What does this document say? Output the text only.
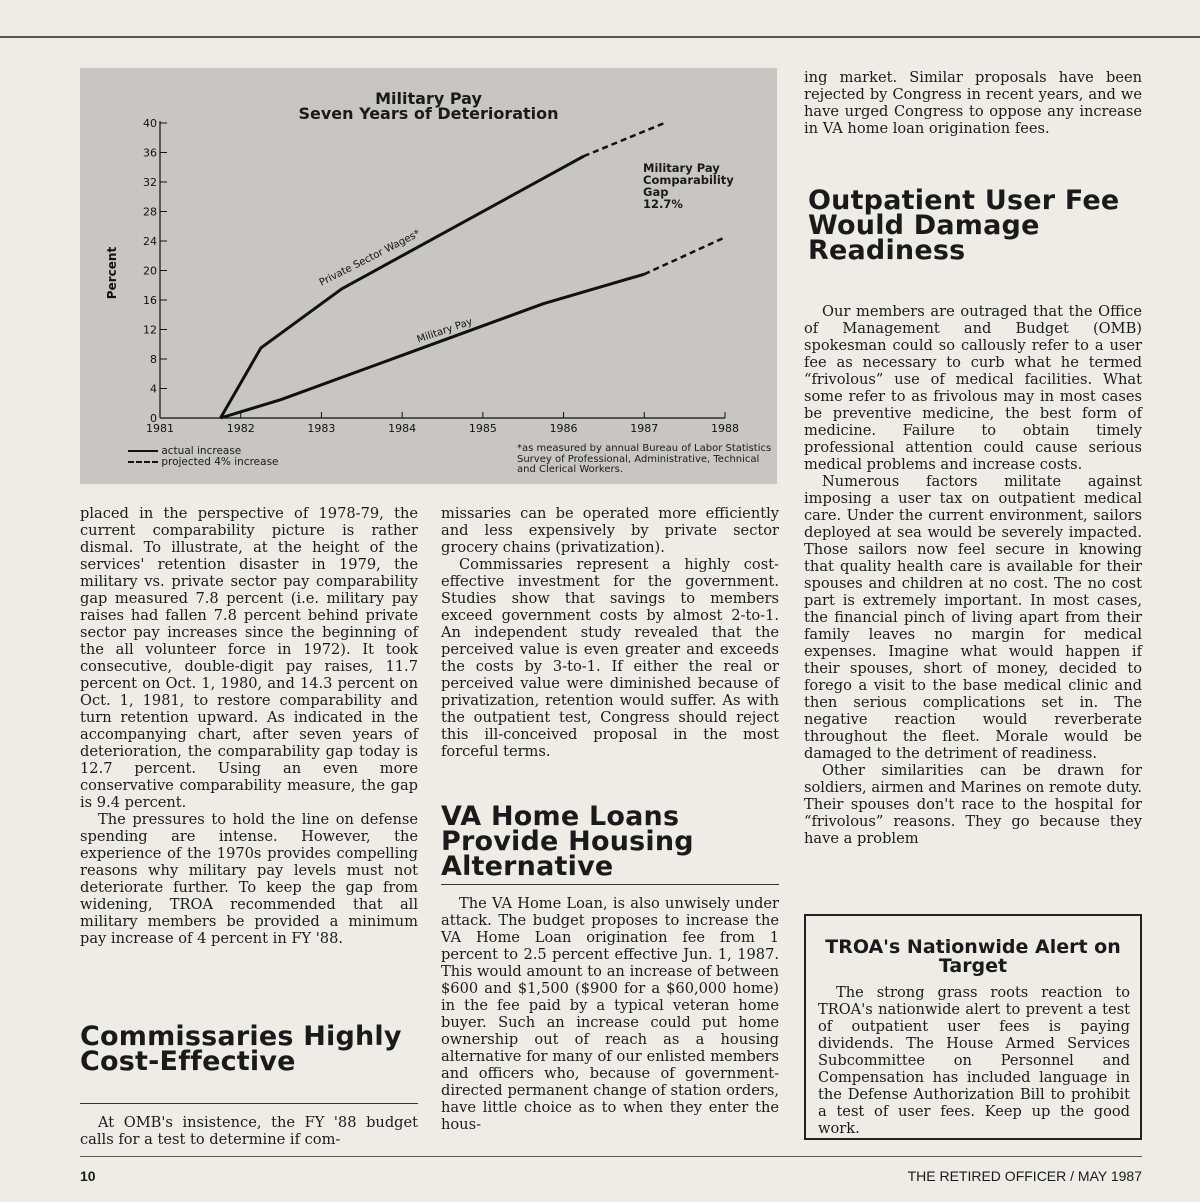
Military Pay
Seven Years of Deterioration
Percent
0
4
8
12
16
20
24
28
32
36
40
1981	1982	1983	1984	1985	1986	1987	1988
Private Sector Wages*
Military Pay
Military Pay
Comparability
Gap
12.7%
actual increase
projected 4% increase
*as measured by annual Bureau of Labor Statistics
Survey of Professional, Administrative, Technical
and Clerical Workers.

placed in the perspective of 1978-79, the current comparability picture is rather dismal. To illustrate, at the height of the services' retention disaster in 1979, the military vs. private sector pay comparability gap measured 7.8 percent (i.e. military pay raises had fallen 7.8 percent behind private sector pay increases since the beginning of the all volunteer force in 1972). It took consecutive, double-digit pay raises, 11.7 percent on Oct. 1, 1980, and 14.3 percent on Oct. 1, 1981, to restore comparability and turn retention upward. As indicated in the accompanying chart, after seven years of deterioration, the comparability gap today is 12.7 percent. Using an even more conservative comparability measure, the gap is 9.4 percent.

The pressures to hold the line on defense spending are intense. However, the experience of the 1970s provides compelling reasons why military pay levels must not deteriorate further. To keep the gap from widening, TROA recommended that all military members be provided a minimum pay increase of 4 percent in FY '88.

Commissaries Highly Cost-Effective

At OMB's insistence, the FY '88 budget calls for a test to determine if com-

missaries can be operated more efficiently and less expensively by private sector grocery chains (privatization).

Commissaries represent a highly cost-effective investment for the government. Studies show that savings to members exceed government costs by almost 2-to-1. An independent study revealed that the perceived value is even greater and exceeds the costs by 3-to-1. If either the real or perceived value were diminished because of privatization, retention would suffer. As with the outpatient test, Congress should reject this ill-conceived proposal in the most forceful terms.

VA Home Loans Provide Housing Alternative

The VA Home Loan, is also unwisely under attack. The budget proposes to increase the VA Home Loan origination fee from 1 percent to 2.5 percent effective Jun. 1, 1987. This would amount to an increase of between $600 and $1,500 ($900 for a $60,000 home) in the fee paid by a typical veteran home buyer. Such an increase could put home ownership out of reach as a housing alternative for many of our enlisted members and officers who, because of government-directed permanent change of station orders, have little choice as to when they enter the hous-

ing market. Similar proposals have been rejected by Congress in recent years, and we have urged Congress to oppose any increase in VA home loan origination fees.

Outpatient User Fee Would Damage Readiness

Our members are outraged that the Office of Management and Budget (OMB) spokesman could so callously refer to a user fee as necessary to curb what he termed “frivolous” use of medical facilities. What some refer to as frivolous may in most cases be preventive medicine, the best form of medicine. Failure to obtain timely professional attention could cause serious medical problems and increase costs.

Numerous factors militate against imposing a user tax on outpatient medical care. Under the current environment, sailors deployed at sea would be severely impacted. Those sailors now feel secure in knowing that quality health care is available for their spouses and children at no cost. The no cost part is extremely important. In most cases, the financial pinch of living apart from their family leaves no margin for medical expenses. Imagine what would happen if their spouses, short of money, decided to forego a visit to the base medical clinic and then serious complications set in. The negative reaction would reverberate throughout the fleet. Morale would be damaged to the detriment of readiness.

Other similarities can be drawn for soldiers, airmen and Marines on remote duty. Their spouses don't race to the hospital for “frivolous” reasons. They go because they have a problem

TROA's Nationwide Alert on Target

The strong grass roots reaction to TROA's nationwide alert to prevent a test of outpatient user fees is paying dividends. The House Armed Services Subcommittee on Personnel and Compensation has included language in the Defense Authorization Bill to prohibit a test of user fees. Keep up the good work.

10	THE RETIRED OFFICER / MAY 1987
